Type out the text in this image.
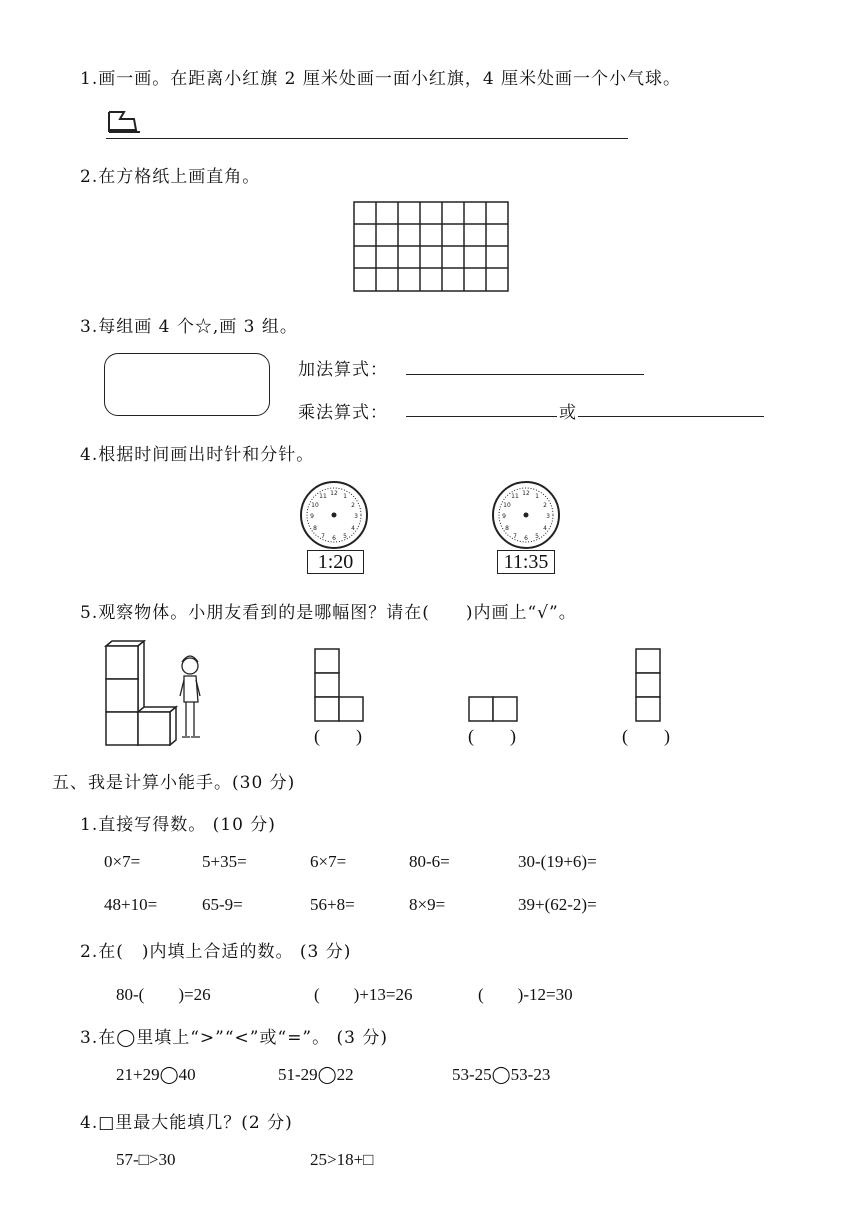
1.画一画。在距离小红旗 2 厘米处画一面小红旗，4 厘米处画一个小气球。
2.在方格纸上画直角。
3.每组画 4 个☆,画 3 组。
加法算式：
乘法算式：	或
4.根据时间画出时针和分针。
12
3
6
9
1
2
4
5
7
8
10
11
1:20
12
3
6
9
1
2
4
5
7
8
10
11
11:35
5.观察物体。小朋友看到的是哪幅图？请在(　　)内画上“√”。
(　　)	(　　)	(　　)
五、我是计算小能手。(30 分)
1.直接写得数。 (10 分)
0×7=	5+35=	6×7=	80-6=	30-(19+6)=
48+10=	65-9=	56+8=	8×9=	39+(62-2)=
2.在(　)内填上合适的数。 (3 分)
80-(　　)=26	(　　)+13=26	(　　)-12=30
3.在◯里填上“>”“<”或“=”。 (3 分)
21+29◯40	51-29◯22	53-25◯53-23
4.□里最大能填几？(2 分)
57-□>30	25>18+□
